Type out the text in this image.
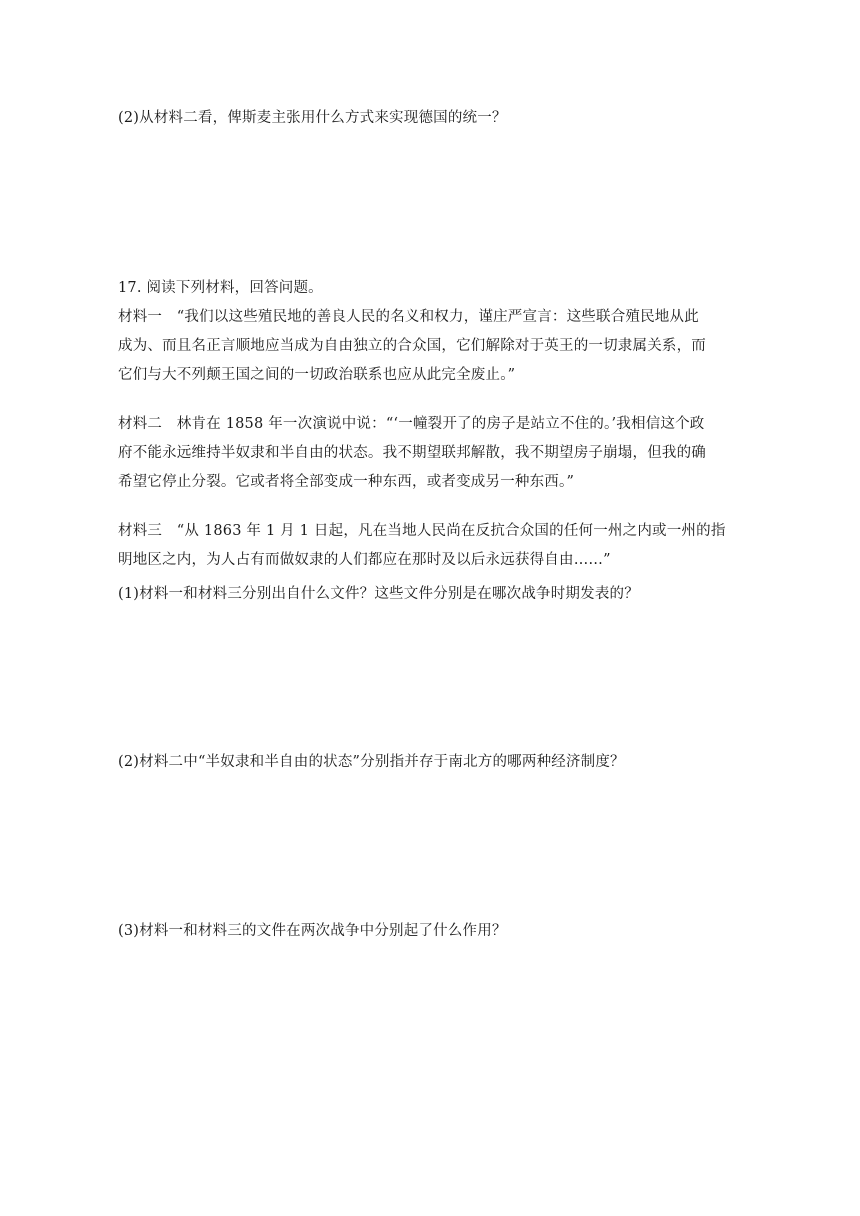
(2)从材料二看，俾斯麦主张用什么方式来实现德国的统一？
17. 阅读下列材料，回答问题。
材料一　“我们以这些殖民地的善良人民的名义和权力，谨庄严宣言：这些联合殖民地从此
成为、而且名正言顺地应当成为自由独立的合众国，它们解除对于英王的一切隶属关系，而
它们与大不列颠王国之间的一切政治联系也应从此完全废止。”
材料二　林肯在 1858 年一次演说中说：“‘一幢裂开了的房子是站立不住的。’我相信这个政
府不能永远维持半奴隶和半自由的状态。我不期望联邦解散，我不期望房子崩塌，但我的确
希望它停止分裂。它或者将全部变成一种东西，或者变成另一种东西。”
材料三　“从 1863 年 1 月 1 日起，凡在当地人民尚在反抗合众国的任何一州之内或一州的指
明地区之内，为人占有而做奴隶的人们都应在那时及以后永远获得自由……”
(1)材料一和材料三分别出自什么文件？这些文件分别是在哪次战争时期发表的？
(2)材料二中“半奴隶和半自由的状态”分别指并存于南北方的哪两种经济制度？
(3)材料一和材料三的文件在两次战争中分别起了什么作用？
